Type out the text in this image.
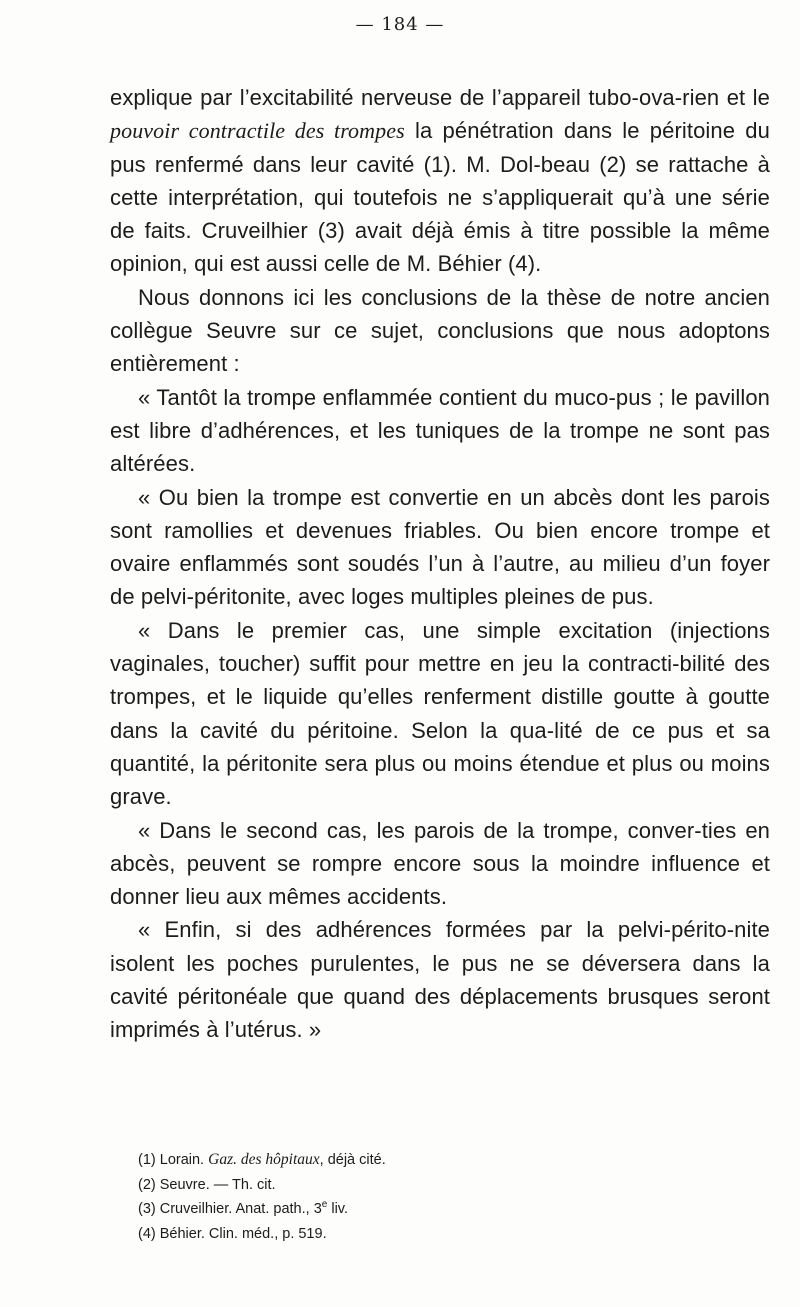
— 184 —

explique par l’excitabilité nerveuse de l’appareil tubo-ova-rien et le pouvoir contractile des trompes la pénétration dans le péritoine du pus renfermé dans leur cavité (1). M. Dol-beau (2) se rattache à cette interprétation, qui toutefois ne s’appliquerait qu’à une série de faits. Cruveilhier (3) avait déjà émis à titre possible la même opinion, qui est aussi celle de M. Béhier (4).

Nous donnons ici les conclusions de la thèse de notre ancien collègue Seuvre sur ce sujet, conclusions que nous adoptons entièrement :

« Tantôt la trompe enflammée contient du muco-pus ; le pavillon est libre d’adhérences, et les tuniques de la trompe ne sont pas altérées.

« Ou bien la trompe est convertie en un abcès dont les parois sont ramollies et devenues friables. Ou bien encore trompe et ovaire enflammés sont soudés l’un à l’autre, au milieu d’un foyer de pelvi-péritonite, avec loges multiples pleines de pus.

« Dans le premier cas, une simple excitation (injections vaginales, toucher) suffit pour mettre en jeu la contracti-bilité des trompes, et le liquide qu’elles renferment distille goutte à goutte dans la cavité du péritoine. Selon la qua-lité de ce pus et sa quantité, la péritonite sera plus ou moins étendue et plus ou moins grave.

« Dans le second cas, les parois de la trompe, conver-ties en abcès, peuvent se rompre encore sous la moindre influence et donner lieu aux mêmes accidents.

« Enfin, si des adhérences formées par la pelvi-périto-nite isolent les poches purulentes, le pus ne se déversera dans la cavité péritonéale que quand des déplacements brusques seront imprimés à l’utérus. »

(1) Lorain. Gaz. des hôpitaux, déjà cité.

(2) Seuvre. — Th. cit.

(3) Cruveilhier. Anat. path., 3e liv.

(4) Béhier. Clin. méd., p. 519.
